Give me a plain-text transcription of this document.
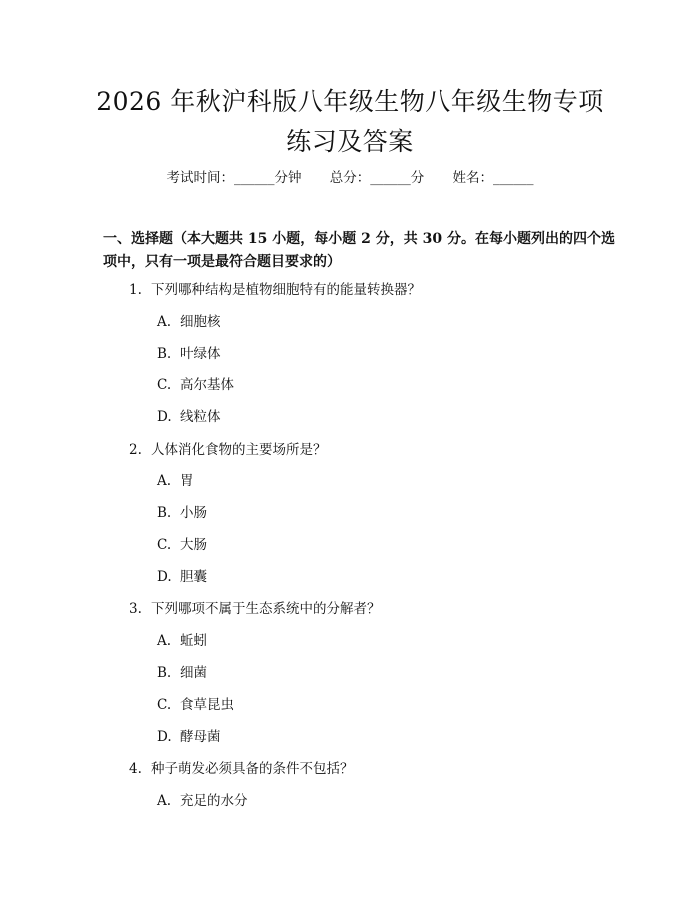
2026 年秋沪科版八年级生物八年级生物专项
练习及答案
考试时间：______分钟 总分：______分 姓名：______
一、选择题（本大题共 15 小题，每小题 2 分，共 30 分。在每小题列出的四个选
项中，只有一项是最符合题目要求的）
1. 下列哪种结构是植物细胞特有的能量转换器？
A. 细胞核
B. 叶绿体
C. 高尔基体
D. 线粒体
2. 人体消化食物的主要场所是？
A. 胃
B. 小肠
C. 大肠
D. 胆囊
3. 下列哪项不属于生态系统中的分解者？
A. 蚯蚓
B. 细菌
C. 食草昆虫
D. 酵母菌
4. 种子萌发必须具备的条件不包括？
A. 充足的水分
